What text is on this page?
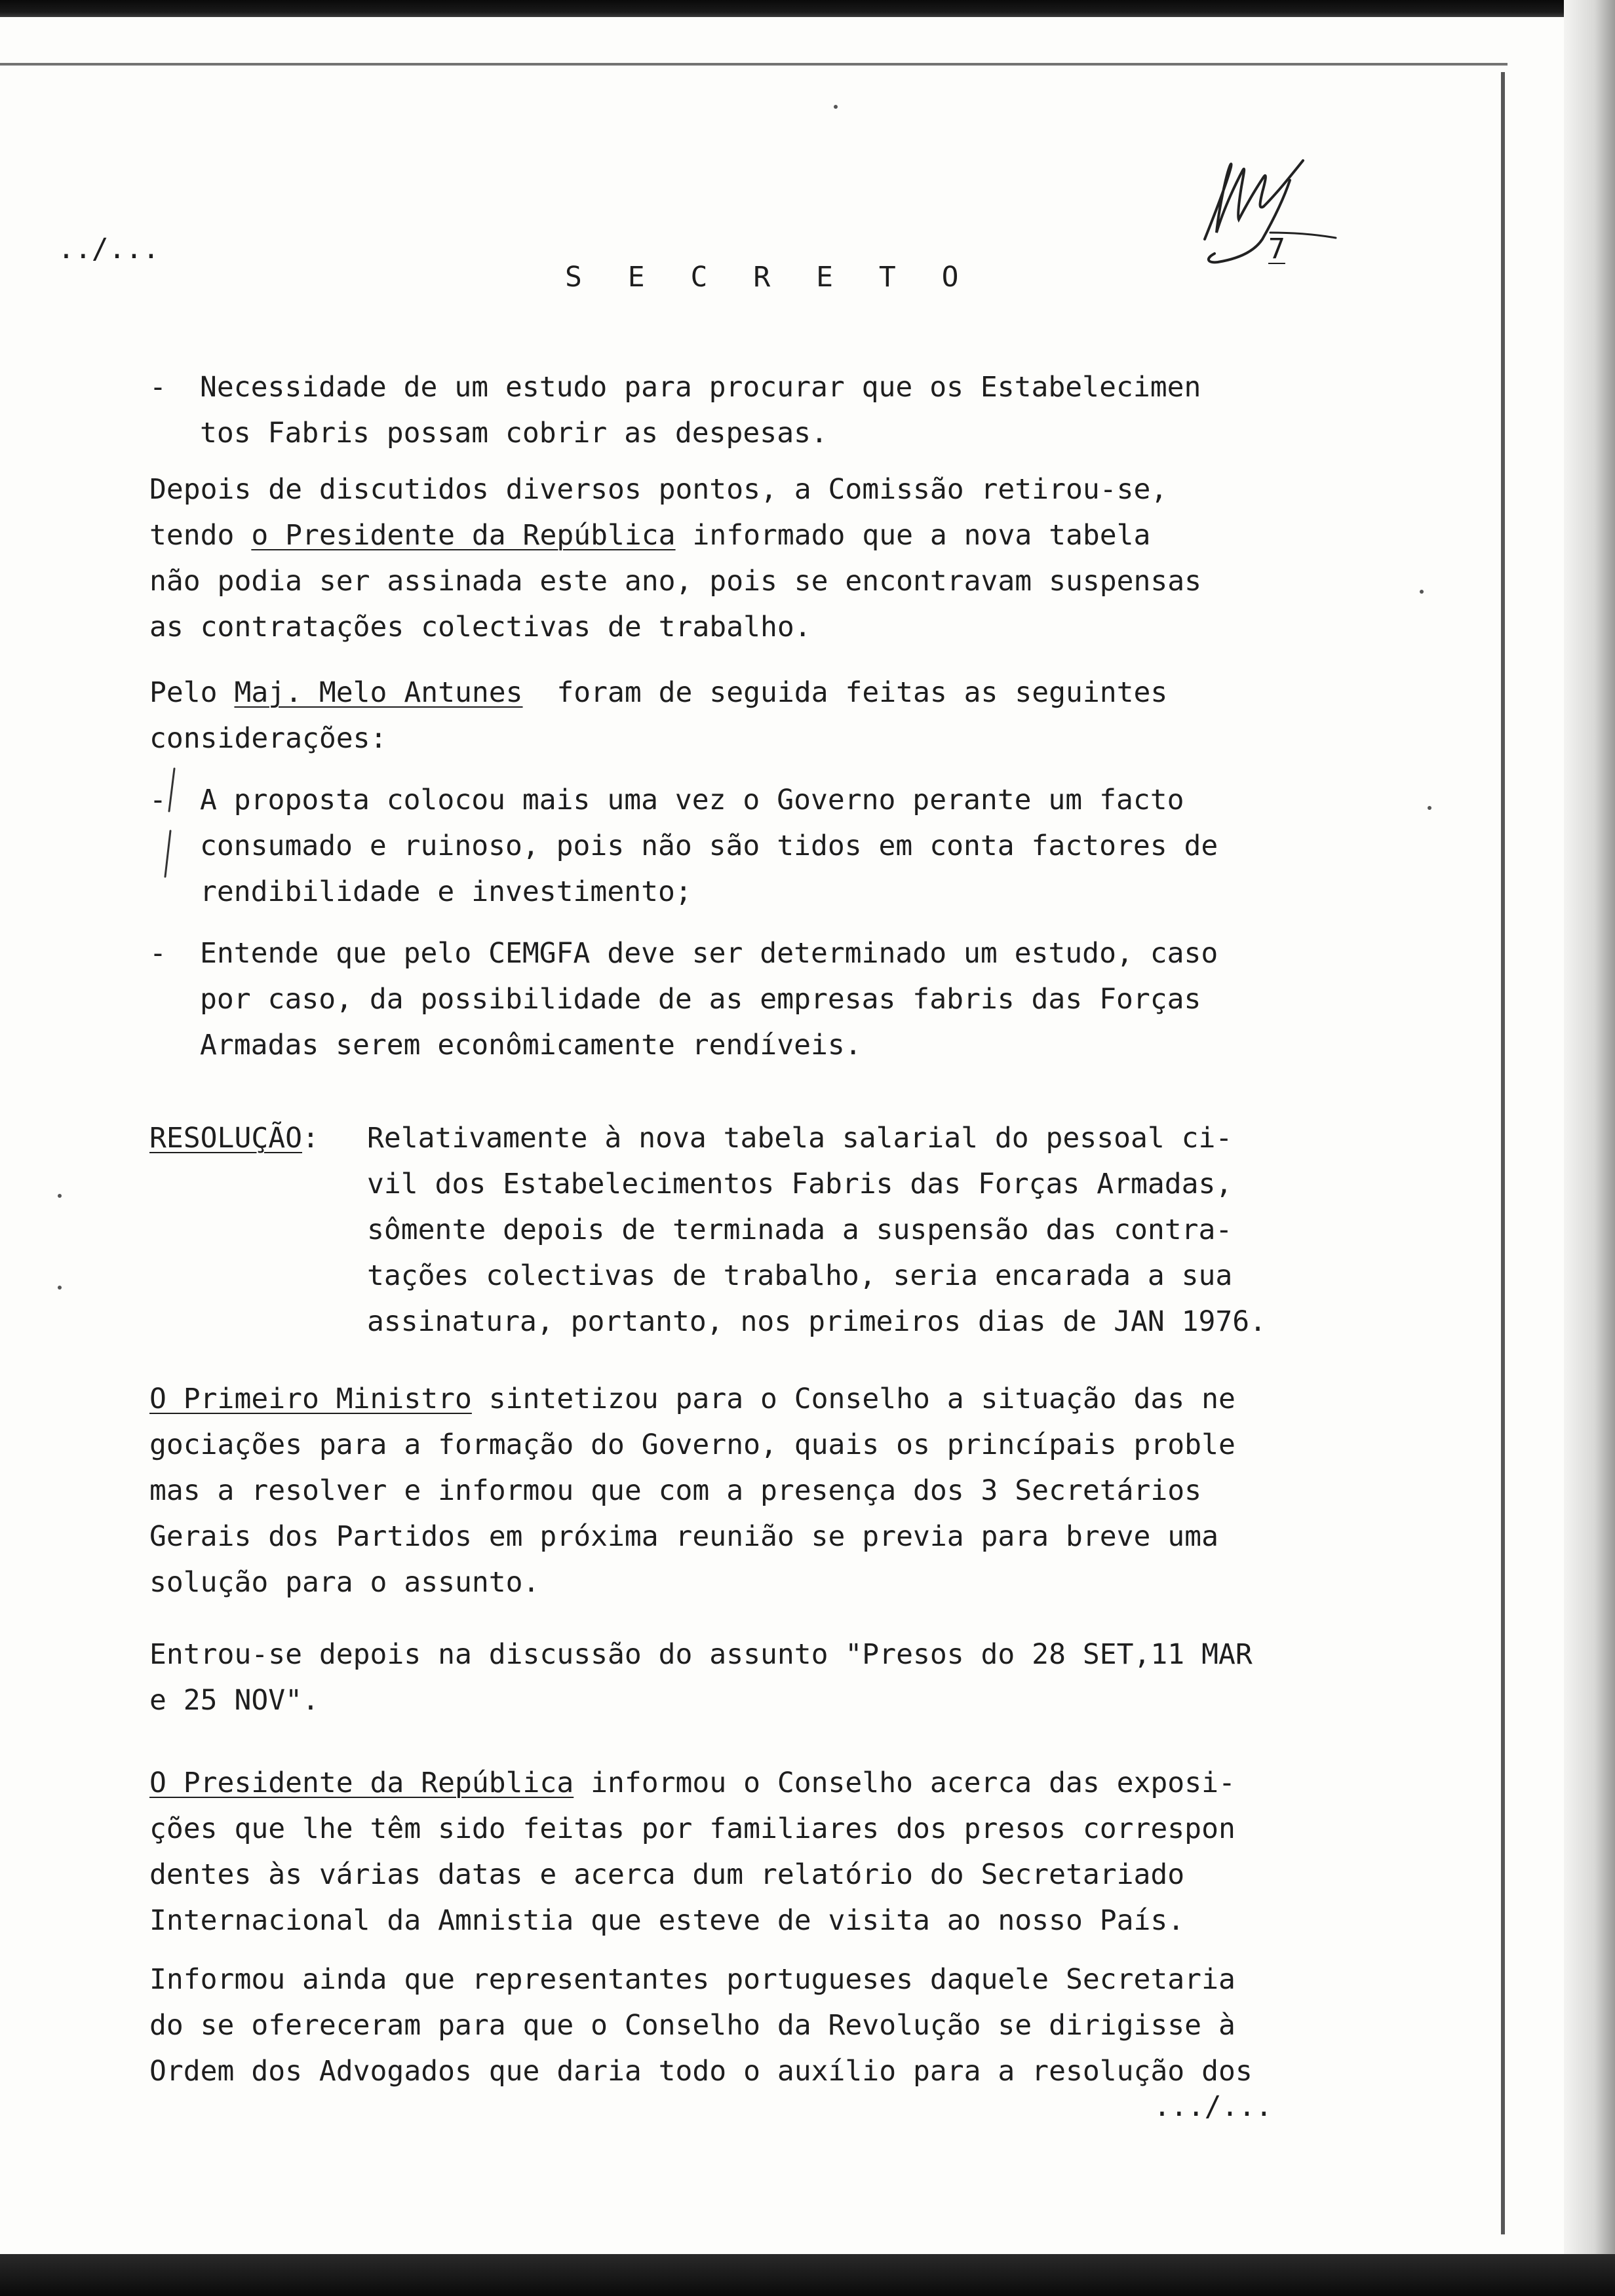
../...
S E C R E T O
7
- Necessidade de um estudo para procurar que os Estabelecimen
tos Fabris possam cobrir as despesas.
Depois de discutidos diversos pontos, a Comissão retirou-se,
tendo o Presidente da República informado que a nova tabela
não podia ser assinada este ano, pois se encontravam suspensas
as contratações colectivas de trabalho.
Pelo Maj. Melo Antunes  foram de seguida feitas as seguintes
considerações:
- A proposta colocou mais uma vez o Governo perante um facto
consumado e ruinoso, pois não são tidos em conta factores de
rendibilidade e investimento;
- Entende que pelo CEMGFA deve ser determinado um estudo, caso
por caso, da possibilidade de as empresas fabris das Forças
Armadas serem econômicamente rendíveis.
RESOLUÇÃO: Relativamente à nova tabela salarial do pessoal ci-
vil dos Estabelecimentos Fabris das Forças Armadas,
sômente depois de terminada a suspensão das contra-
tações colectivas de trabalho, seria encarada a sua
assinatura, portanto, nos primeiros dias de JAN 1976.
O Primeiro Ministro sintetizou para o Conselho a situação das ne
gociações para a formação do Governo, quais os princípais proble
mas a resolver e informou que com a presença dos 3 Secretários
Gerais dos Partidos em próxima reunião se previa para breve uma
solução para o assunto.
Entrou-se depois na discussão do assunto "Presos do 28 SET,11 MAR
e 25 NOV".
O Presidente da República informou o Conselho acerca das exposi-
ções que lhe têm sido feitas por familiares dos presos correspon
dentes às várias datas e acerca dum relatório do Secretariado
Internacional da Amnistia que esteve de visita ao nosso País.
Informou ainda que representantes portugueses daquele Secretaria
do se ofereceram para que o Conselho da Revolução se dirigisse à
Ordem dos Advogados que daria todo o auxílio para a resolução dos
.../...
